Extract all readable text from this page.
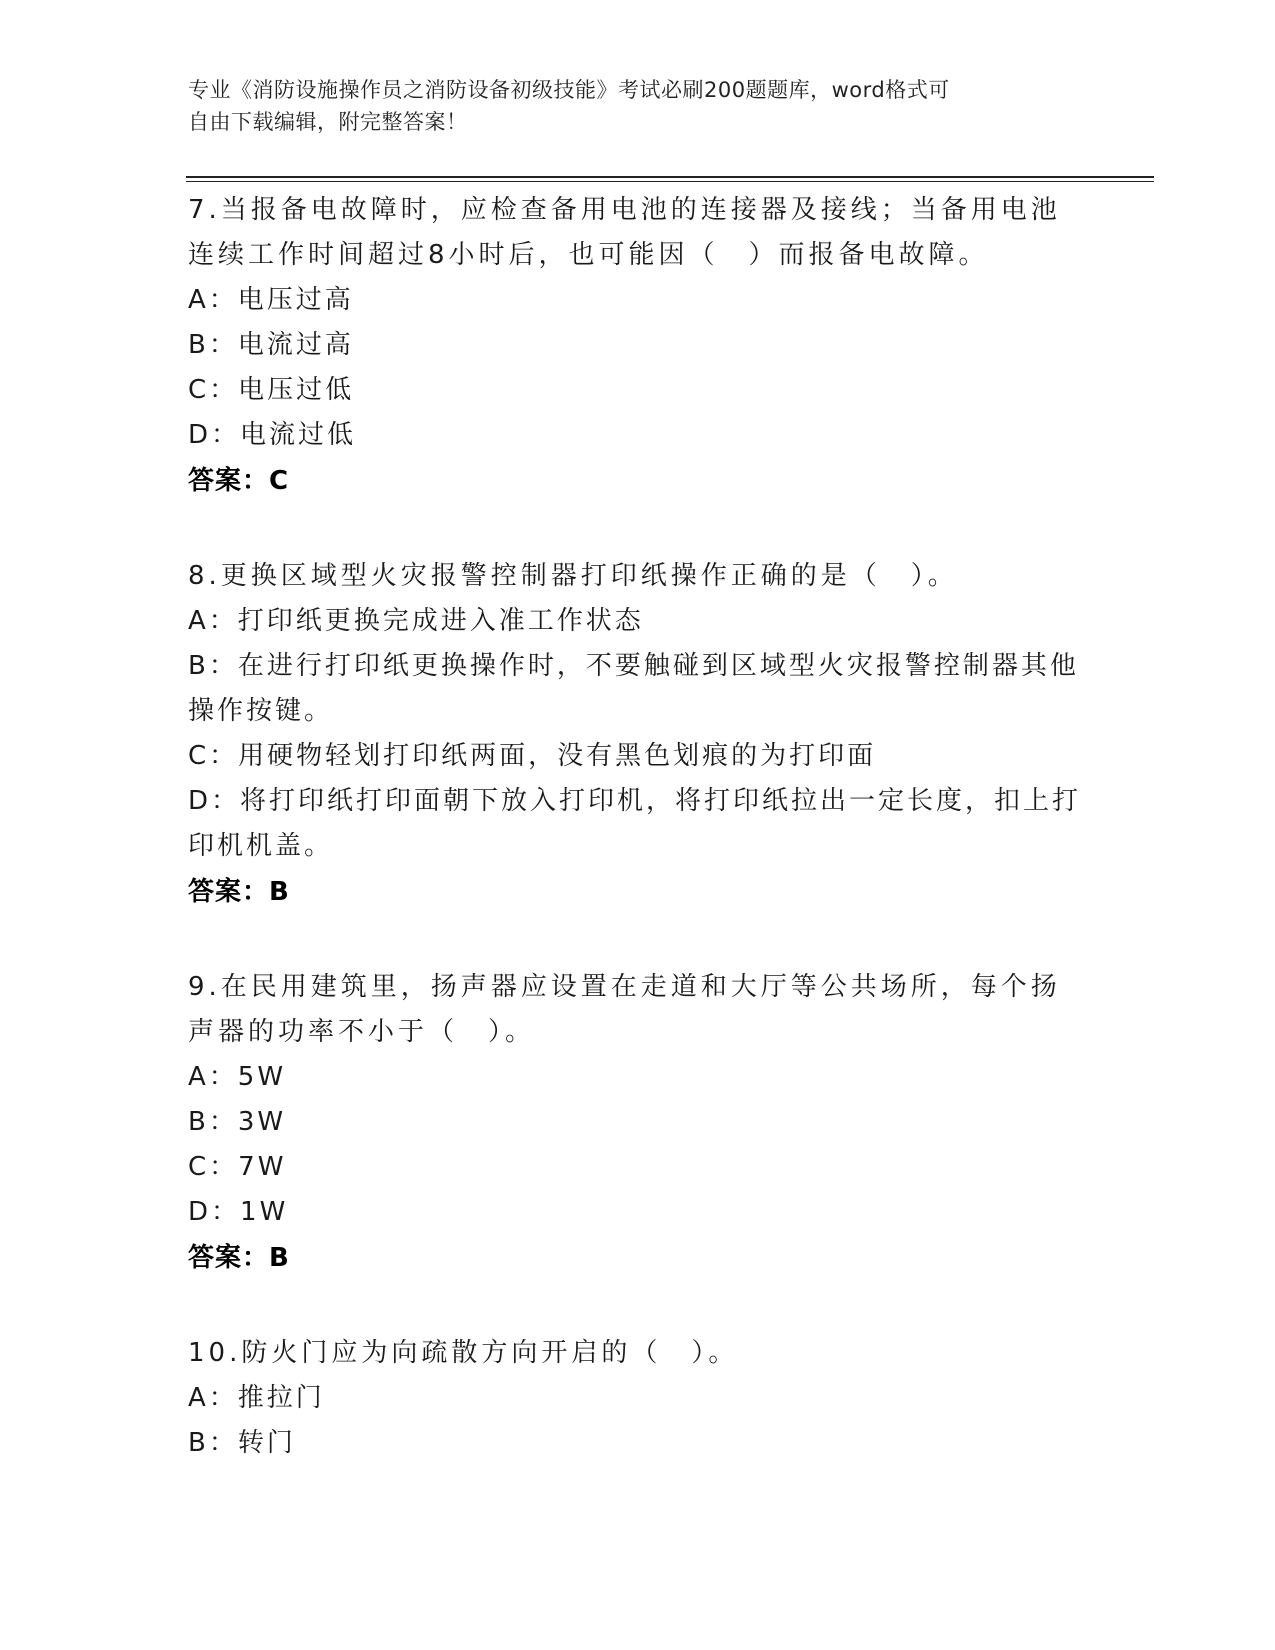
专业《消防设施操作员之消防设备初级技能》考试必刷200题题库，word格式可
自由下载编辑，附完整答案！

7.当报备电故障时，应检查备用电池的连接器及接线；当备用电池连续工作时间超过8小时后，也可能因（　）而报备电故障。

A：电压过高

B：电流过高

C：电压过低

D：电流过低

答案：C

8.更换区域型火灾报警控制器打印纸操作正确的是（　）。

A：打印纸更换完成进入准工作状态

B：在进行打印纸更换操作时，不要触碰到区域型火灾报警控制器其他操作按键。

C：用硬物轻划打印纸两面，没有黑色划痕的为打印面

D：将打印纸打印面朝下放入打印机，将打印纸拉出一定长度，扣上打印机机盖。

答案：B

9.在民用建筑里，扬声器应设置在走道和大厅等公共场所，每个扬声器的功率不小于（　）。

A：5W

B：3W

C：7W

D：1W

答案：B

10.防火门应为向疏散方向开启的（　）。

A：推拉门

B：转门
